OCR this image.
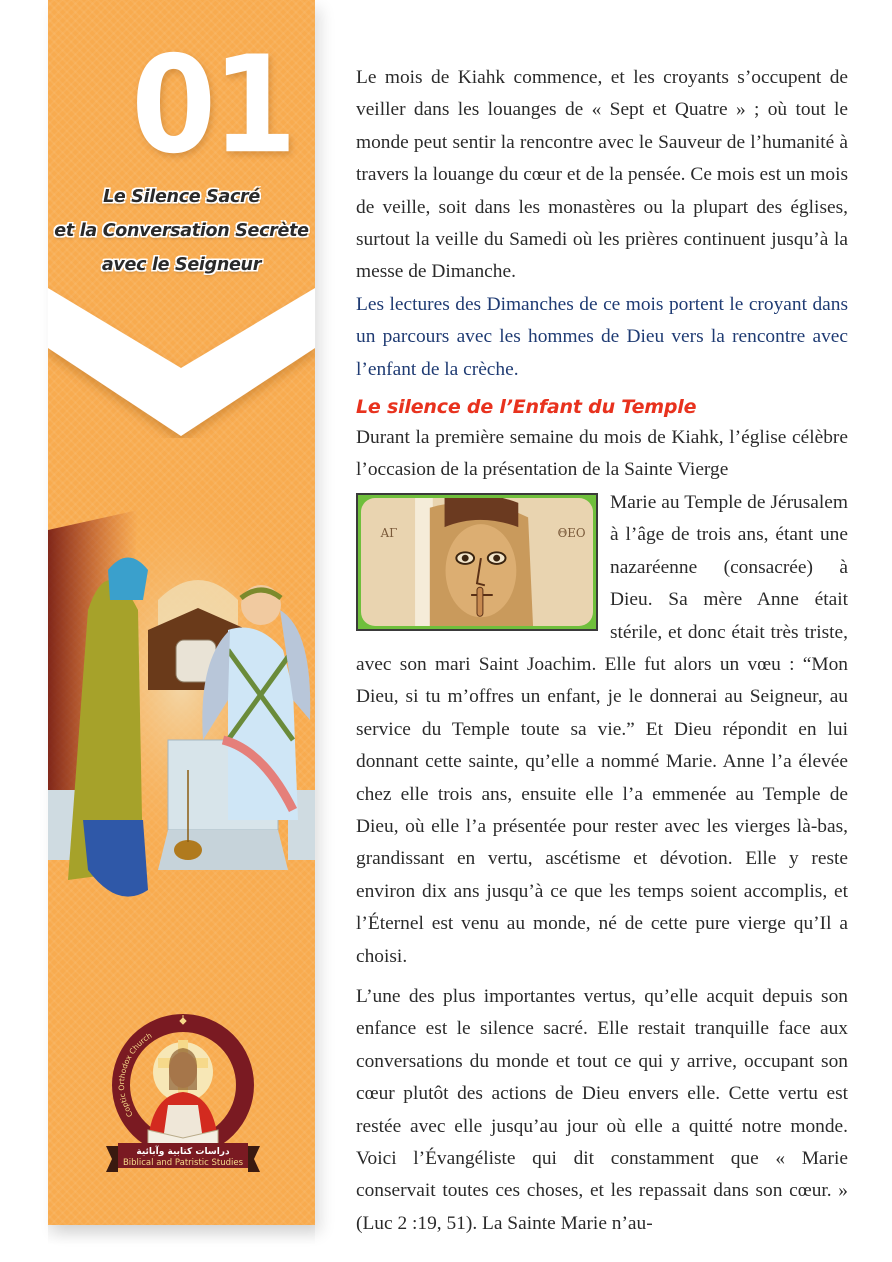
01
Le Silence Sacré
et la Conversation Secrète
avec le Seigneur
دراسات كتابية وآبائية
Biblical and Patristic Studies
Coptic Orthodox Church

Le mois de Kiahk commence, et les croyants s’occupent de veiller dans les louanges de « Sept et Quatre » ; où tout le monde peut sentir la rencontre avec le Sauveur de l’humanité à travers la louange du cœur et de la pensée. Ce mois est un mois de veille, soit dans les monastères ou la plupart des églises, surtout la veille du Samedi où les prières continuent jusqu’à la messe de Dimanche.

Les lectures des Dimanches de ce mois portent le croyant dans un parcours avec les hommes de Dieu vers la rencontre avec l’enfant de la crèche.

Le silence de l’Enfant du Temple

Durant la première semaine du mois de Kiahk, l’église célèbre l’occasion de la présentation de la Sainte Vierge

ΑΓ	ΘΕΟ

Marie au Temple de Jérusalem à l’âge de trois ans, étant une nazaréenne (consacrée) à Dieu. Sa mère Anne était stérile, et donc était très triste, avec son mari Saint Joachim. Elle fut alors un vœu : “Mon Dieu, si tu m’offres un enfant, je le donnerai au Seigneur, au service du Temple toute sa vie.” Et Dieu répondit en lui donnant cette sainte, qu’elle a nommé Marie. Anne l’a élevée chez elle trois ans, ensuite elle l’a emmenée au Temple de Dieu, où elle l’a présentée pour rester avec les vierges là-bas, grandissant en vertu, ascétisme et dévotion. Elle y reste environ dix ans jusqu’à ce que les temps soient accomplis, et l’Éternel est venu au monde, né de cette pure vierge qu’Il a choisi.

L’une des plus importantes vertus, qu’elle acquit depuis son enfance est le silence sacré. Elle restait tranquille face aux conversations du monde et tout ce qui y arrive, occupant son cœur plutôt des actions de Dieu envers elle. Cette vertu est restée avec elle jusqu’au jour où elle a quitté notre monde. Voici l’Évangéliste qui dit constamment que « Marie conservait toutes ces choses, et les repassait dans son cœur. » (Luc 2 :19, 51). La Sainte Marie n’au-
